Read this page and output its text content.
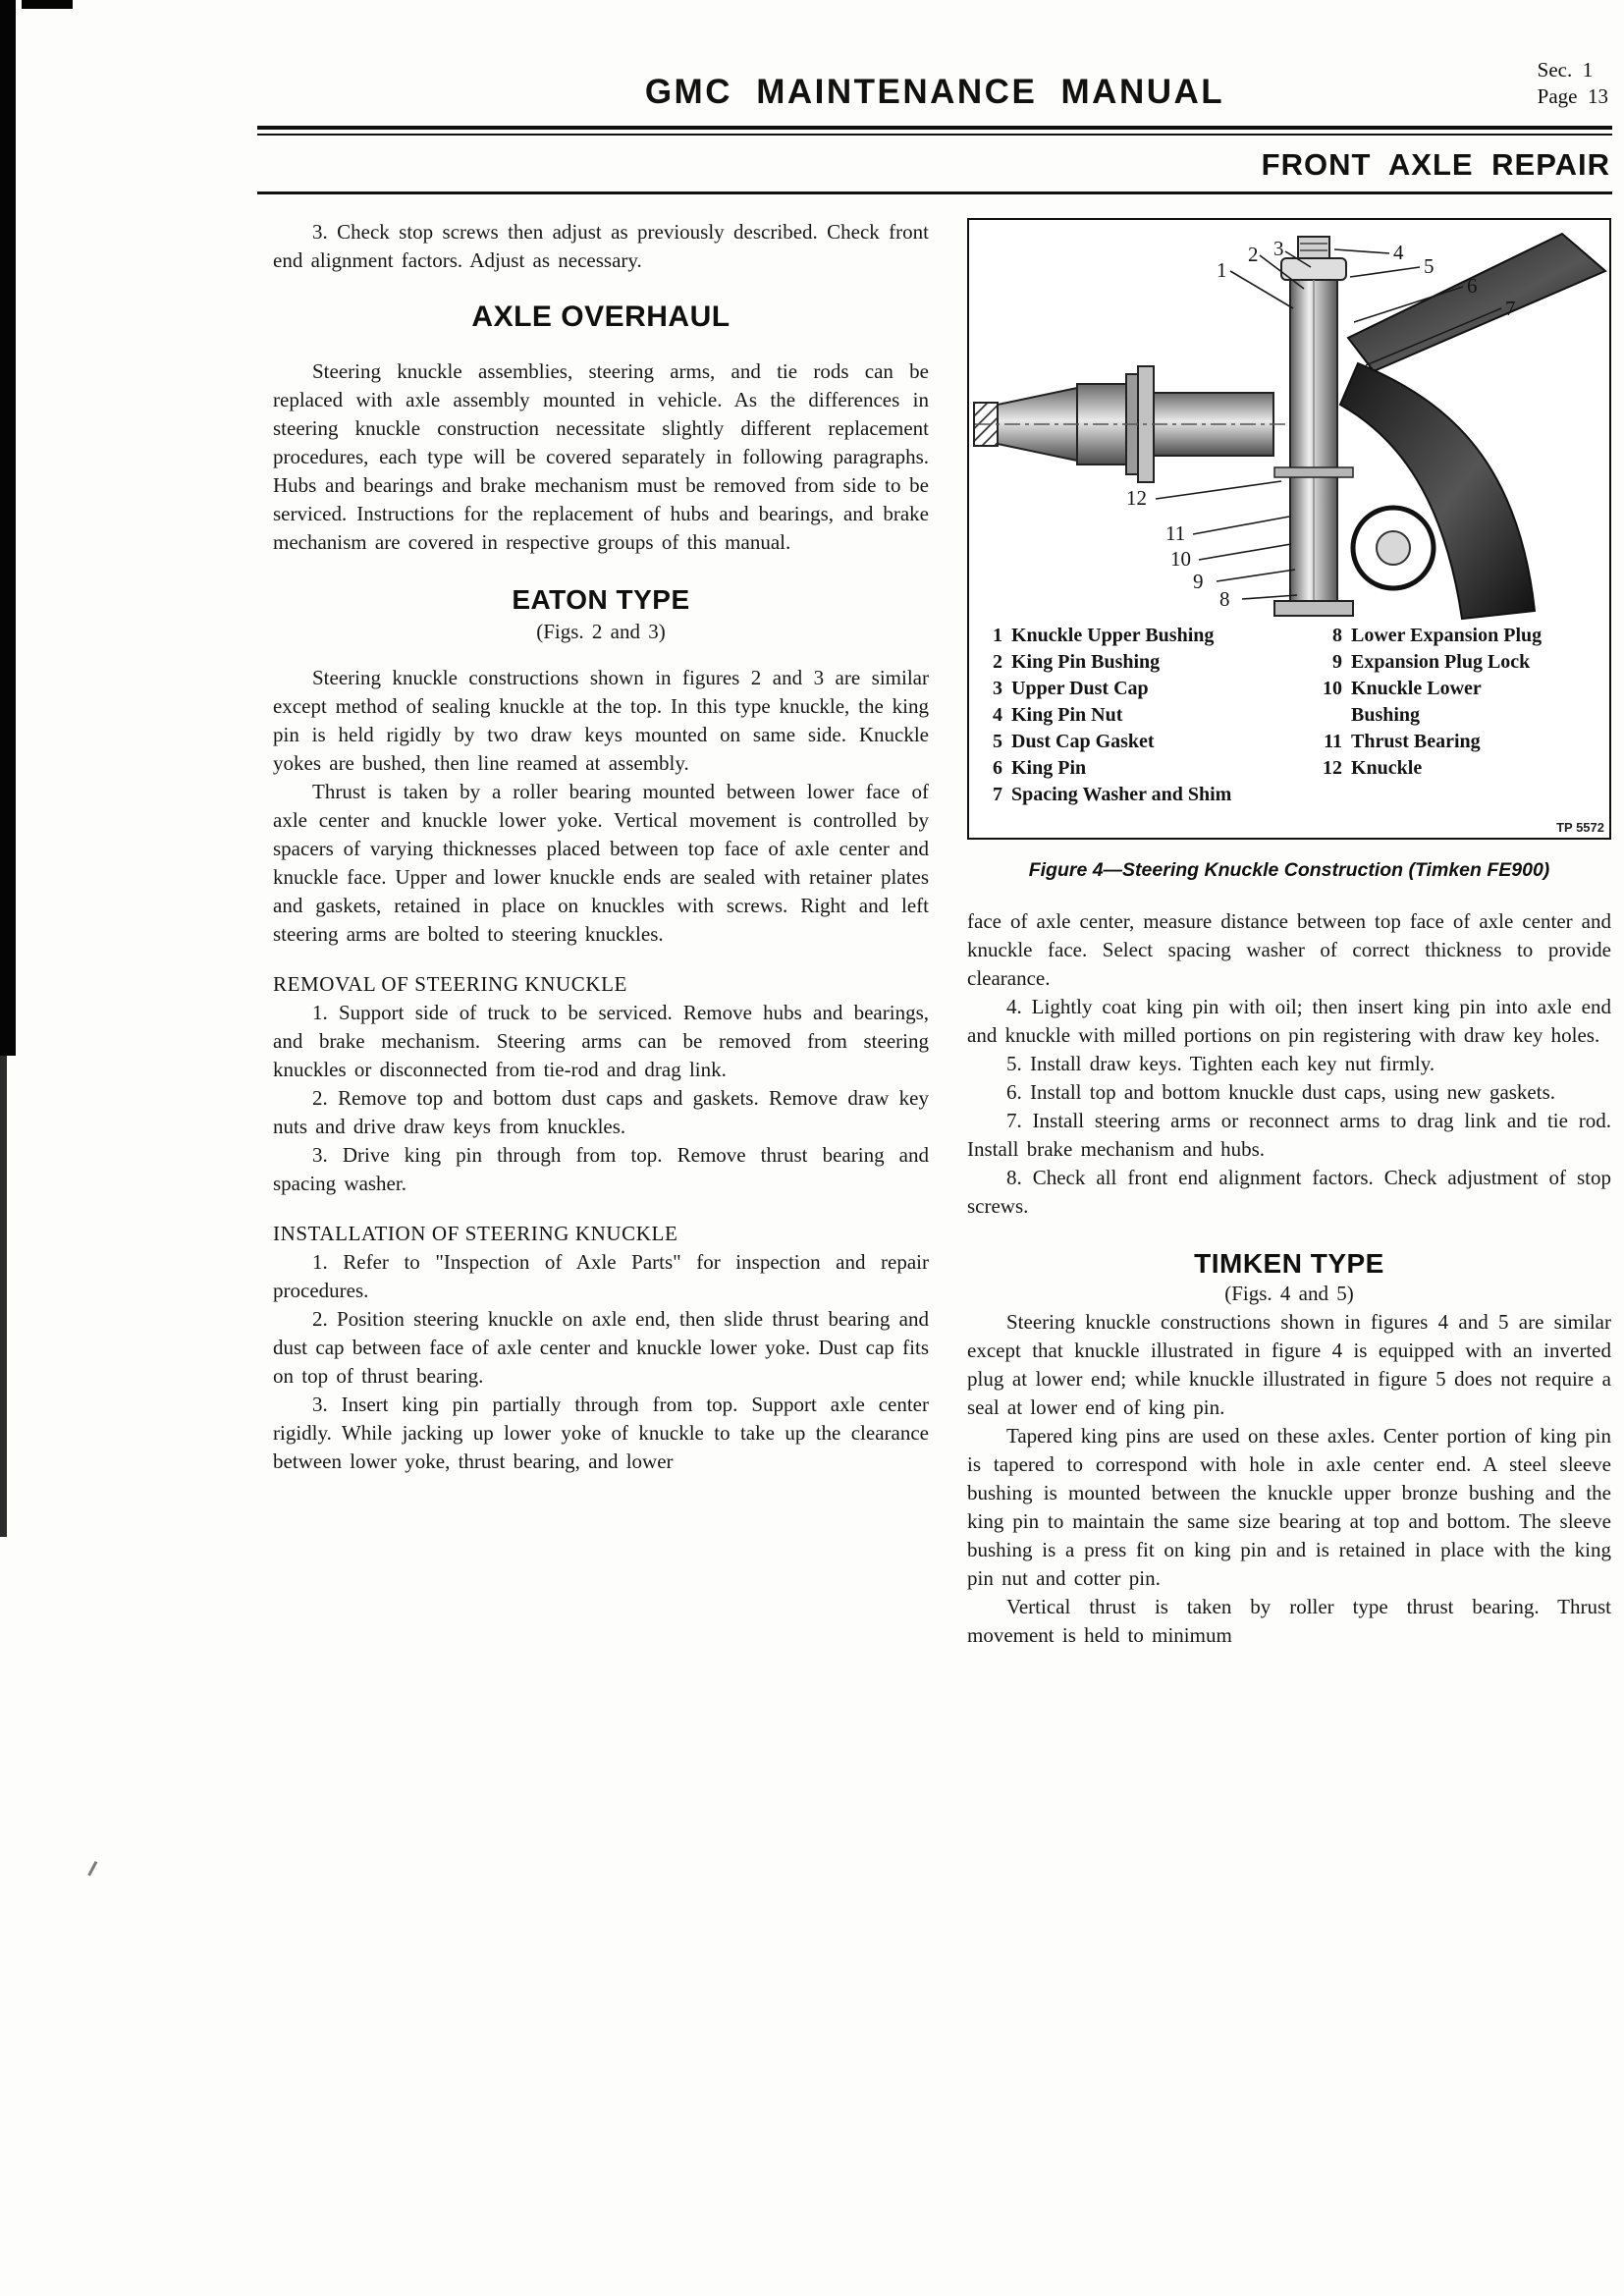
GMC MAINTENANCE MANUAL
Sec.  1
Page  13
FRONT AXLE REPAIR

3. Check stop screws then adjust as previously described. Check front end alignment factors. Adjust as necessary.

AXLE OVERHAUL

Steering knuckle assemblies, steering arms, and tie rods can be replaced with axle assembly mounted in vehicle. As the differences in steering knuckle construction necessitate slightly different replacement procedures, each type will be covered separately in following paragraphs. Hubs and bearings and brake mechanism must be removed from side to be serviced. Instructions for the replacement of hubs and bearings, and brake mechanism are covered in respective groups of this manual.

EATON TYPE

(Figs. 2 and 3)

Steering knuckle constructions shown in figures 2 and 3 are similar except method of sealing knuckle at the top. In this type knuckle, the king pin is held rigidly by two draw keys mounted on same side. Knuckle yokes are bushed, then line reamed at assembly.

Thrust is taken by a roller bearing mounted between lower face of axle center and knuckle lower yoke. Vertical movement is controlled by spacers of varying thicknesses placed between top face of axle center and knuckle face. Upper and lower knuckle ends are sealed with retainer plates and gaskets, retained in place on knuckles with screws. Right and left steering arms are bolted to steering knuckles.

REMOVAL OF STEERING KNUCKLE

1. Support side of truck to be serviced. Remove hubs and bearings, and brake mechanism. Steering arms can be removed from steering knuckles or disconnected from tie-rod and drag link.

2. Remove top and bottom dust caps and gaskets. Remove draw key nuts and drive draw keys from knuckles.

3. Drive king pin through from top. Remove thrust bearing and spacing washer.

INSTALLATION OF STEERING KNUCKLE

1. Refer to "Inspection of Axle Parts" for inspection and repair procedures.

2. Position steering knuckle on axle end, then slide thrust bearing and dust cap between face of axle center and knuckle lower yoke. Dust cap fits on top of thrust bearing.

3. Insert king pin partially through from top. Support axle center rigidly. While jacking up lower yoke of knuckle to take up the clearance between lower yoke, thrust bearing, and lower

1
2 3	4
5
6
7
8
9
10
11
12
1 Knuckle Upper Bushing
2 King Pin Bushing
3 Upper Dust Cap
4 King Pin Nut
5 Dust Cap Gasket
6 King Pin
7 Spacing Washer and Shim
8 Lower Expansion Plug
9 Expansion Plug Lock
10 Knuckle Lower Bushing
11 Thrust Bearing
12 Knuckle
TP 5572
Figure 4—Steering Knuckle Construction (Timken FE900)

face of axle center, measure distance between top face of axle center and knuckle face. Select spacing washer of correct thickness to provide clearance.

4. Lightly coat king pin with oil; then insert king pin into axle end and knuckle with milled portions on pin registering with draw key holes.

5. Install draw keys. Tighten each key nut firmly.

6. Install top and bottom knuckle dust caps, using new gaskets.

7. Install steering arms or reconnect arms to drag link and tie rod. Install brake mechanism and hubs.

8. Check all front end alignment factors. Check adjustment of stop screws.

TIMKEN TYPE

(Figs. 4 and 5)

Steering knuckle constructions shown in figures 4 and 5 are similar except that knuckle illustrated in figure 4 is equipped with an inverted plug at lower end; while knuckle illustrated in figure 5 does not require a seal at lower end of king pin.

Tapered king pins are used on these axles. Center portion of king pin is tapered to correspond with hole in axle center end. A steel sleeve bushing is mounted between the knuckle upper bronze bushing and the king pin to maintain the same size bearing at top and bottom. The sleeve bushing is a press fit on king pin and is retained in place with the king pin nut and cotter pin.

Vertical thrust is taken by roller type thrust bearing. Thrust movement is held to minimum
